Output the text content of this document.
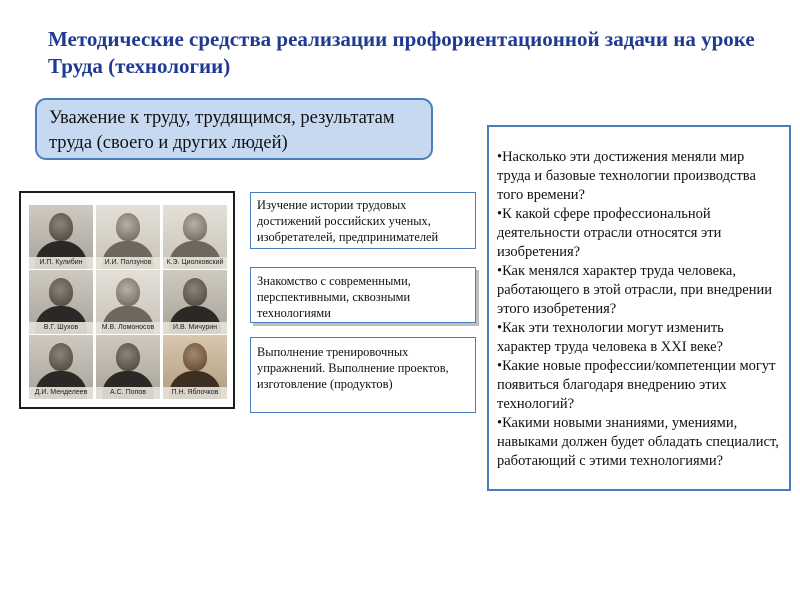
Методические средства реализации профориентационной задачи на уроке Труда (технологии)
Уважение к труду, трудящимся, результатам труда (своего и других людей)
И.П. Кулибин	И.И. Ползунов	К.Э. Циолковский
В.Г. Шухов	М.В. Ломоносов	И.В. Мичурин
Д.И. Менделеев	А.С. Попов	П.Н. Яблочков
Изучение истории трудовых достижений российских ученых, изобретателей, предпринимателей
Знакомство с современными, перспективными, сквозными технологиями
Выполнение тренировочных упражнений. Выполнение проектов, изготовление (продуктов)

•Насколько эти достижения меняли мир труда и базовые технологии производства того времени?

•К какой сфере профессиональной деятельности отрасли относятся эти изобретения?

•Как менялся характер труда человека, работающего в этой отрасли, при внедрении этого изобретения?

•Как эти технологии могут изменить характер труда человека в XXI веке?

•Какие новые профессии/компетенции могут появиться благодаря внедрению этих технологий?

•Какими новыми знаниями, умениями, навыками должен будет обладать специалист, работающий с этими технологиями?
